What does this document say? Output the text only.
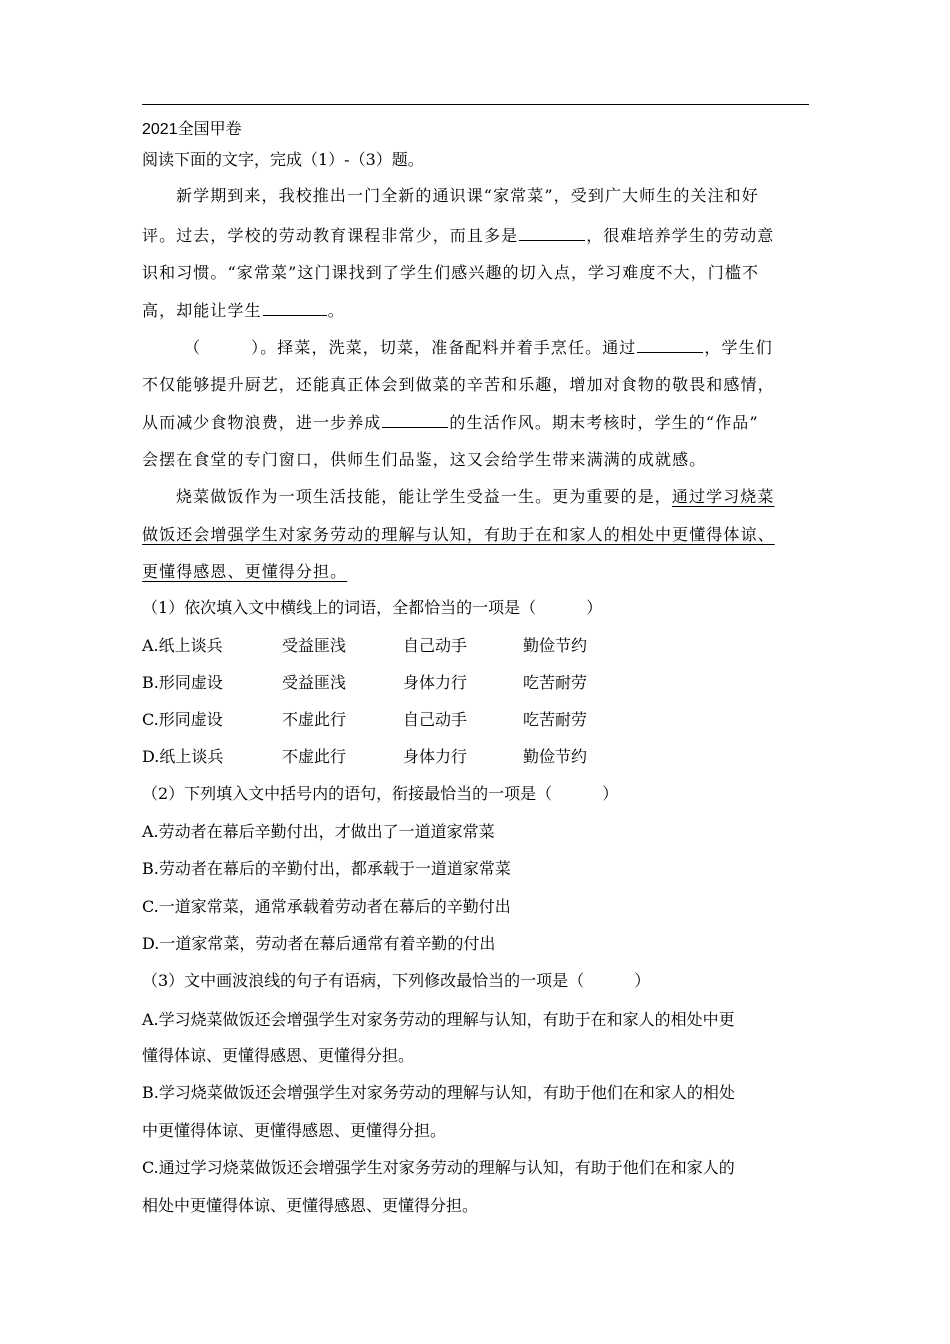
2021全国甲卷
阅读下面的文字，完成（1）-（3）题。
新学期到来，我校推出一门全新的通识课“家常菜”，受到广大师生的关注和好
评。过去，学校的劳动教育课程非常少，而且多是	，很难培养学生的劳动意
识和习惯。“家常菜”这门课找到了学生们感兴趣的切入点，学习难度不大，门槛不
高，却能让学生	。
（	）。择菜，洗菜，切菜，准备配料并着手烹任。通过	，学生们
不仅能够提升厨艺，还能真正体会到做菜的辛苦和乐趣，增加对食物的敬畏和感情，
从而减少食物浪费，进一步养成	的生活作风。期末考核时，学生的“作品”
会摆在食堂的专门窗口，供师生们品鉴，这又会给学生带来满满的成就感。
烧菜做饭作为一项生活技能，能让学生受益一生。更为重要的是，通过学习烧菜
做饭还会增强学生对家务劳动的理解与认知，有助于在和家人的相处中更懂得体谅、
更懂得感恩、更懂得分担。
（1）依次填入文中横线上的词语，全都恰当的一项是（	）
A.纸上谈兵	受益匪浅	自己动手	勤俭节约
B.形同虚设	受益匪浅	身体力行	吃苦耐劳
C.形同虚设	不虚此行	自己动手	吃苦耐劳
D.纸上谈兵	不虚此行	身体力行	勤俭节约
（2）下列填入文中括号内的语句，衔接最恰当的一项是（	）
A.劳动者在幕后辛勤付出，才做出了一道道家常菜
B.劳动者在幕后的辛勤付出，都承载于一道道家常菜
C.一道家常菜，通常承载着劳动者在幕后的辛勤付出
D.一道家常菜，劳动者在幕后通常有着辛勤的付出
（3）文中画波浪线的句子有语病，下列修改最恰当的一项是（	）
A.学习烧菜做饭还会增强学生对家务劳动的理解与认知，有助于在和家人的相处中更
懂得体谅、更懂得感恩、更懂得分担。
B.学习烧菜做饭还会增强学生对家务劳动的理解与认知，有助于他们在和家人的相处
中更懂得体谅、更懂得感恩、更懂得分担。
C.通过学习烧菜做饭还会增强学生对家务劳动的理解与认知，有助于他们在和家人的
相处中更懂得体谅、更懂得感恩、更懂得分担。
